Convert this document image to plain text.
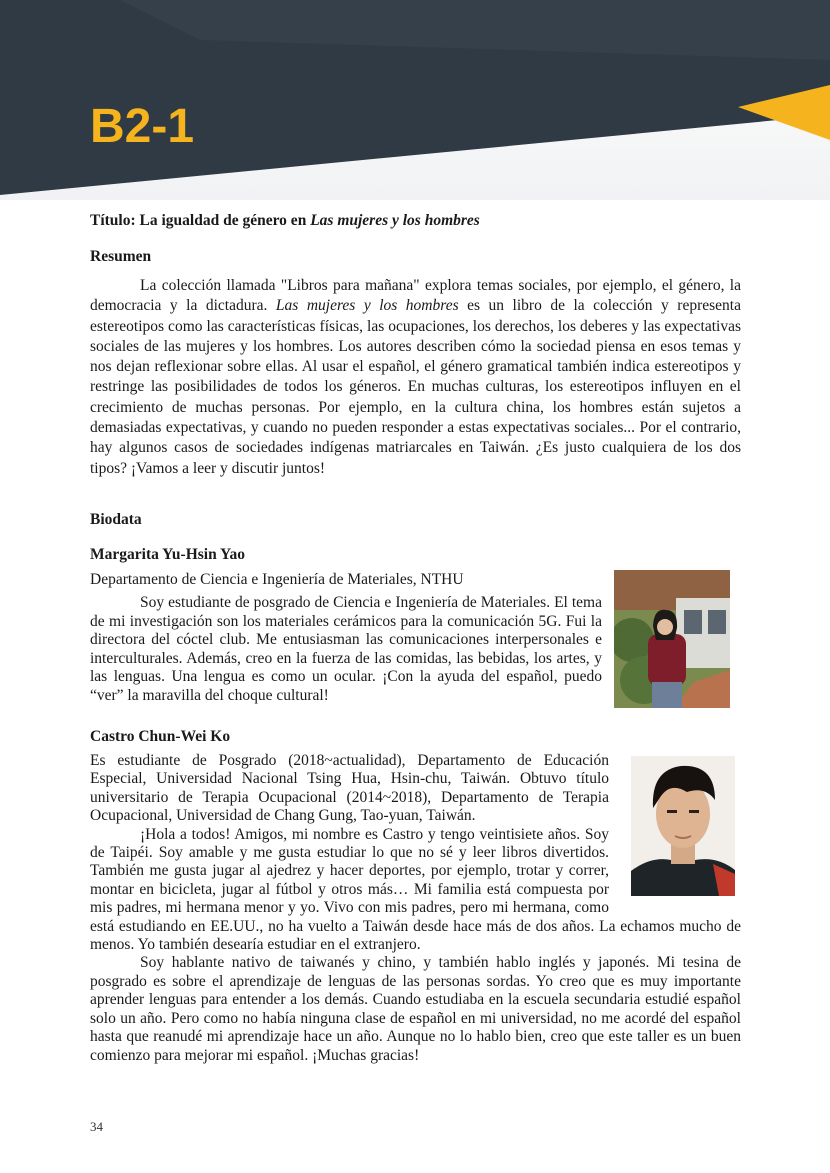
B2-1
Título: La igualdad de género en Las mujeres y los hombres
Resumen

La colección llamada "Libros para mañana" explora temas sociales, por ejemplo, el género, la democracia y la dictadura. Las mujeres y los hombres es un libro de la colección y representa estereotipos como las características físicas, las ocupaciones, los derechos, los deberes y las expectativas sociales de las mujeres y los hombres. Los autores describen cómo la sociedad piensa en esos temas y nos dejan reflexionar sobre ellas. Al usar el español, el género gramatical también indica estereotipos y restringe las posibilidades de todos los géneros. En muchas culturas, los estereotipos influyen en el crecimiento de muchas personas. Por ejemplo, en la cultura china, los hombres están sujetos a demasiadas expectativas, y cuando no pueden responder a estas expectativas sociales... Por el contrario, hay algunos casos de sociedades indígenas matriarcales en Taiwán. ¿Es justo cualquiera de los dos tipos? ¡Vamos a leer y discutir juntos!

Biodata
Margarita Yu-Hsin Yao
Departamento de Ciencia e Ingeniería de Materiales, NTHU

Soy estudiante de posgrado de Ciencia e Ingeniería de Materiales. El tema de mi investigación son los materiales cerámicos para la comunicación 5G. Fui la directora del cóctel club. Me entusiasman las comunicaciones interpersonales e interculturales. Además, creo en la fuerza de las comidas, las bebidas, los artes, y las lenguas. Una lengua es como un ocular. ¡Con la ayuda del español, puedo “ver” la maravilla del choque cultural!

Castro Chun-Wei Ko

Es estudiante de Posgrado (2018~actualidad), Departamento de Educación Especial, Universidad Nacional Tsing Hua, Hsin-chu, Taiwán. Obtuvo título universitario de Terapia Ocupacional (2014~2018), Departamento de Terapia Ocupacional, Universidad de Chang Gung, Tao-yuan, Taiwán.

¡Hola a todos! Amigos, mi nombre es Castro y tengo veintisiete años. Soy de Taipéi. Soy amable y me gusta estudiar lo que no sé y leer libros divertidos. También me gusta jugar al ajedrez y hacer deportes, por ejemplo, trotar y correr, montar en bicicleta, jugar al fútbol y otros más… Mi familia está compuesta por mis padres, mi hermana menor y yo. Vivo con mis padres, pero mi hermana, como está estudiando en EE.UU., no ha vuelto a Taiwán desde hace más de dos años. La echamos mucho de menos. Yo también desearía estudiar en el extranjero.

Soy hablante nativo de taiwanés y chino, y también hablo inglés y japonés. Mi tesina de posgrado es sobre el aprendizaje de lenguas de las personas sordas. Yo creo que es muy importante aprender lenguas para entender a los demás. Cuando estudiaba en la escuela secundaria estudié español solo un año. Pero como no había ninguna clase de español en mi universidad, no me acordé del español hasta que reanudé mi aprendizaje hace un año. Aunque no lo hablo bien, creo que este taller es un buen comienzo para mejorar mi español. ¡Muchas gracias!

34
